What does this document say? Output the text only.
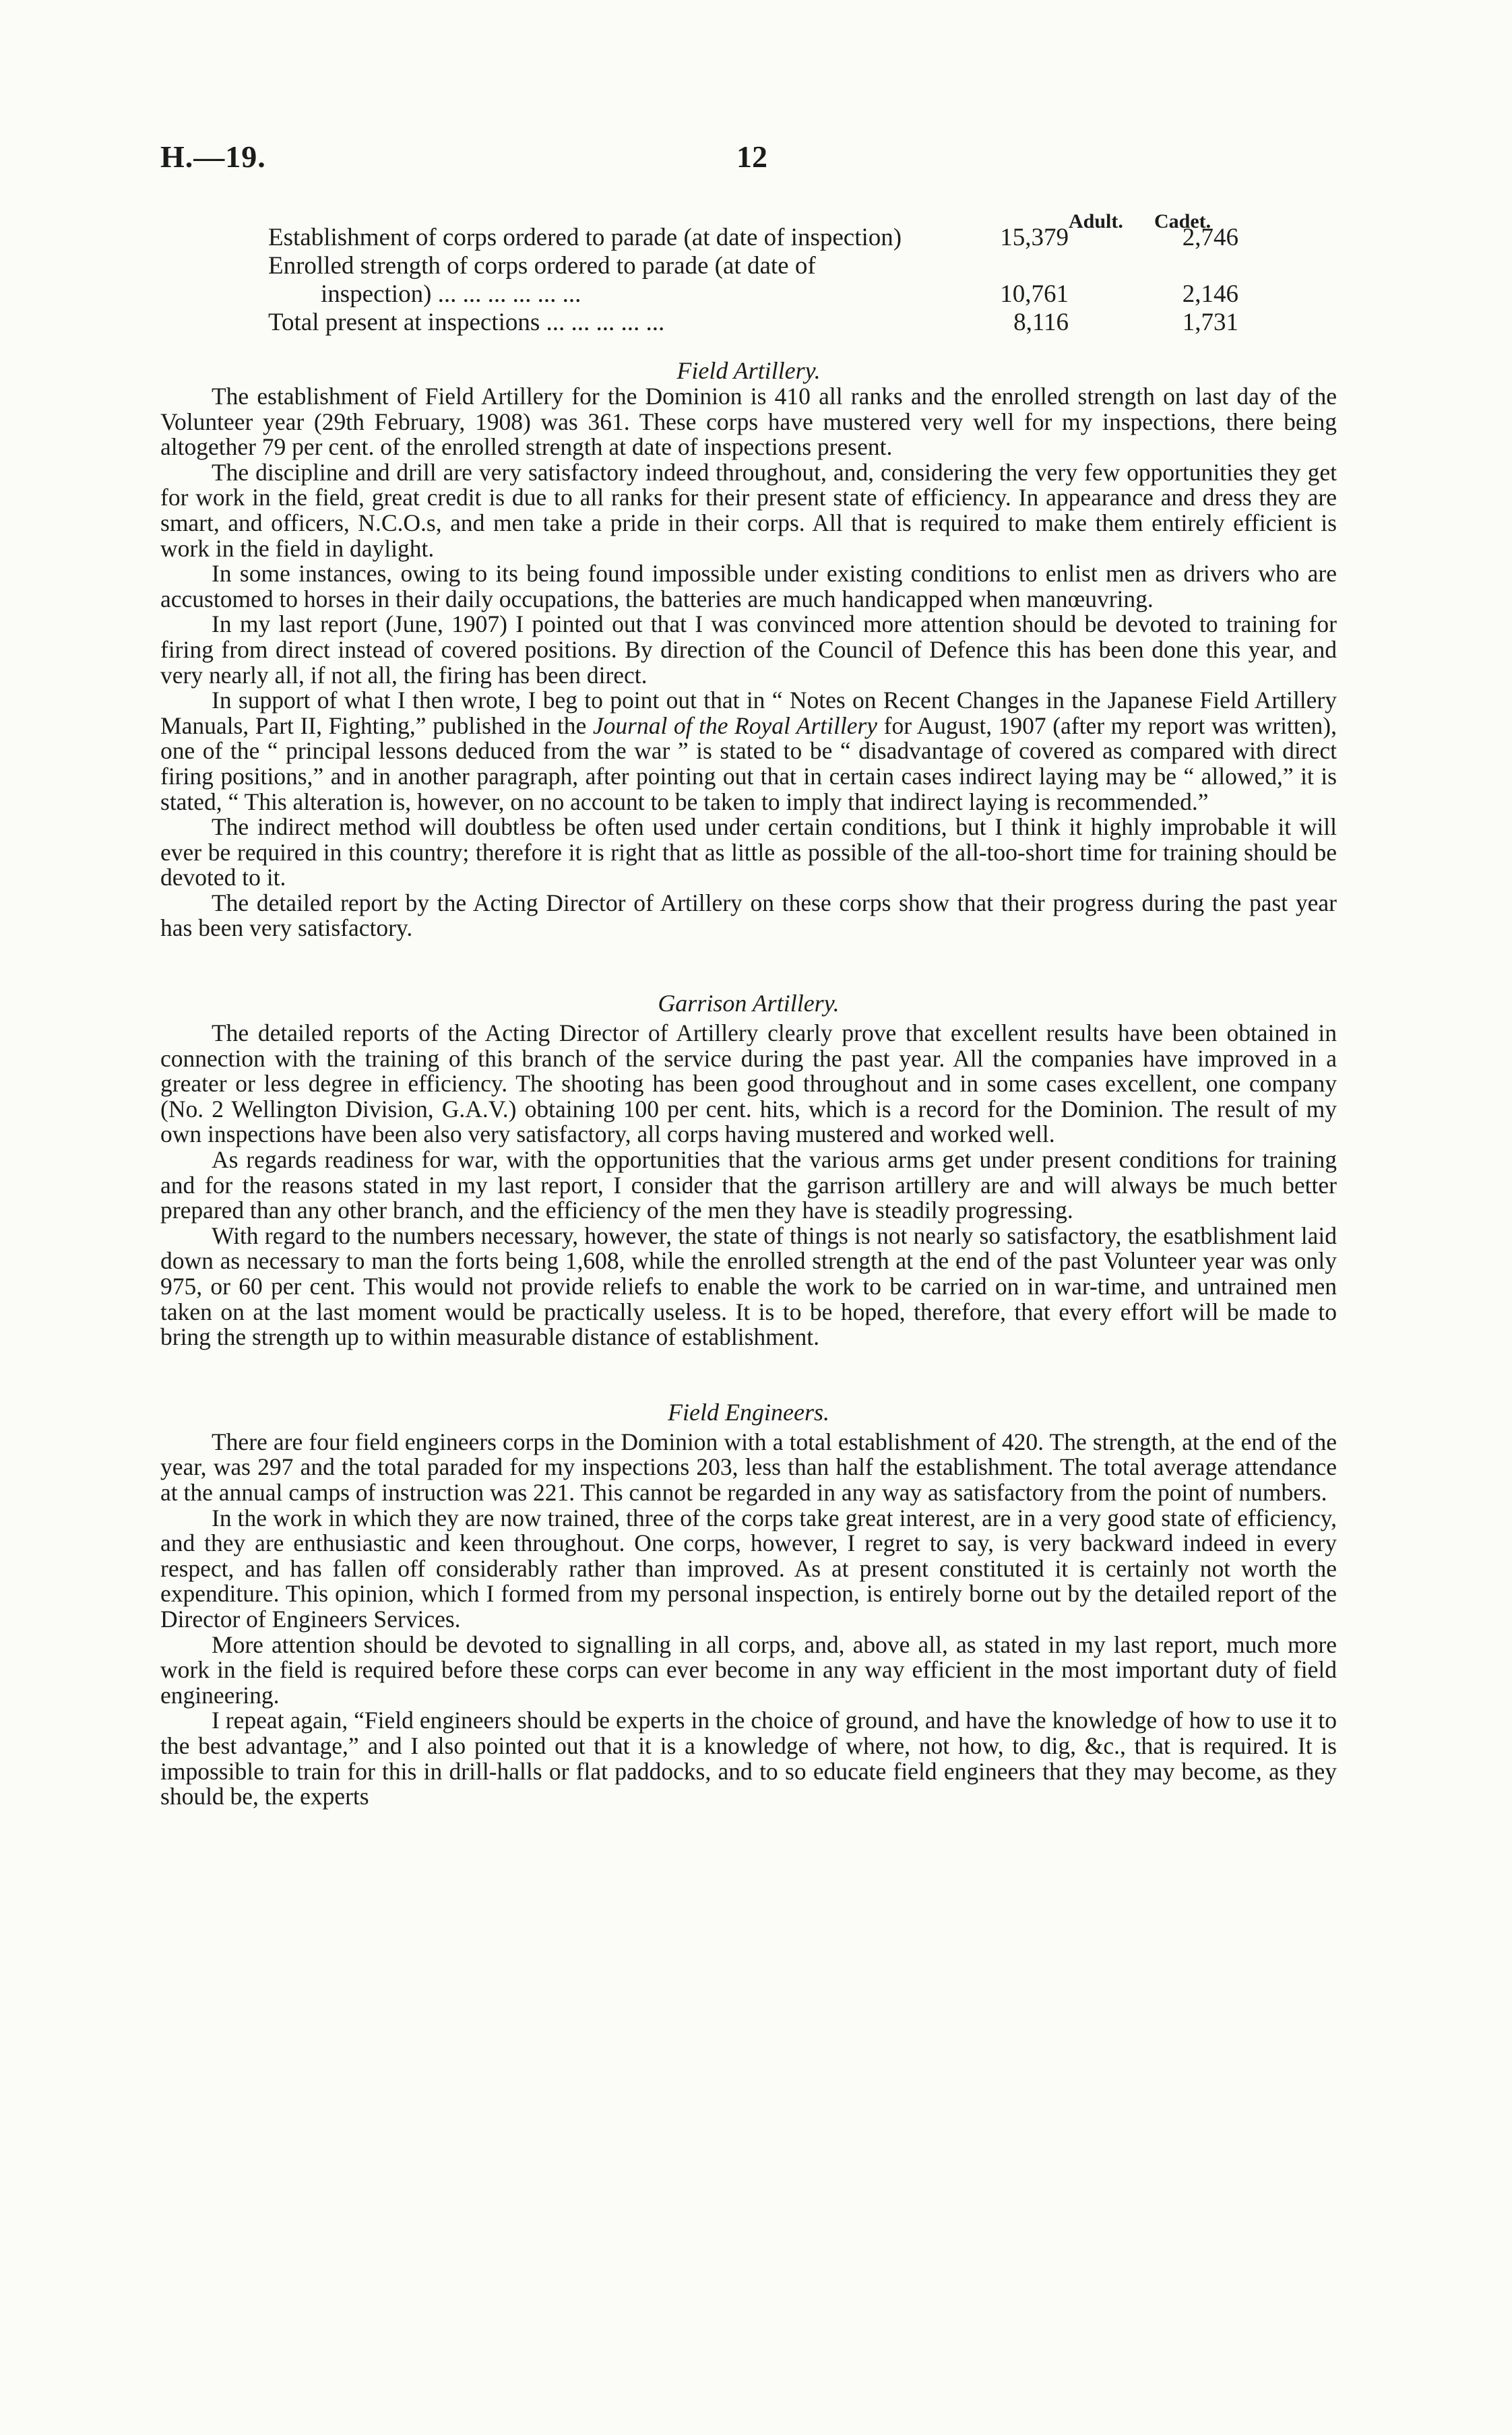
H.—19.	12
Adult. Cadet.
Establishment of corps ordered to parade (at date of inspection)	15,379	2,746
Enrolled strength of corps ordered to parade (at date of
inspection) ... ... ... ... ... ...	10,761	2,146
Total present at inspections ... ... ... ... ...	8,116	1,731
Field Artillery.

The establishment of Field Artillery for the Dominion is 410 all ranks and the enrolled strength on last day of the Volunteer year (29th February, 1908) was 361. These corps have mustered very well for my inspections, there being altogether 79 per cent. of the enrolled strength at date of inspections present.

The discipline and drill are very satisfactory indeed throughout, and, considering the very few opportunities they get for work in the field, great credit is due to all ranks for their present state of efficiency. In appearance and dress they are smart, and officers, N.C.O.s, and men take a pride in their corps. All that is required to make them entirely efficient is work in the field in daylight.

In some instances, owing to its being found impossible under existing conditions to enlist men as drivers who are accustomed to horses in their daily occupations, the batteries are much handicapped when manœuvring.

In my last report (June, 1907) I pointed out that I was convinced more attention should be devoted to training for firing from direct instead of covered positions. By direction of the Council of Defence this has been done this year, and very nearly all, if not all, the firing has been direct.

In support of what I then wrote, I beg to point out that in “ Notes on Recent Changes in the Japanese Field Artillery Manuals, Part II, Fighting,” published in the Journal of the Royal Artillery for August, 1907 (after my report was written), one of the “ principal lessons deduced from the war ” is stated to be “ disadvantage of covered as compared with direct firing positions,” and in another paragraph, after pointing out that in certain cases indirect laying may be “ allowed,” it is stated, “ This alteration is, however, on no account to be taken to imply that indirect laying is recommended.”

The indirect method will doubtless be often used under certain conditions, but I think it highly improbable it will ever be required in this country; therefore it is right that as little as possible of the all-too-short time for training should be devoted to it.

The detailed report by the Acting Director of Artillery on these corps show that their progress during the past year has been very satisfactory.

Garrison Artillery.

The detailed reports of the Acting Director of Artillery clearly prove that excellent results have been obtained in connection with the training of this branch of the service during the past year. All the companies have improved in a greater or less degree in efficiency. The shooting has been good throughout and in some cases excellent, one company (No. 2 Wellington Division, G.A.V.) obtaining 100 per cent. hits, which is a record for the Dominion. The result of my own inspections have been also very satisfactory, all corps having mustered and worked well.

As regards readiness for war, with the opportunities that the various arms get under present conditions for training and for the reasons stated in my last report, I consider that the garrison artillery are and will always be much better prepared than any other branch, and the efficiency of the men they have is steadily progressing.

With regard to the numbers necessary, however, the state of things is not nearly so satisfactory, the esatblishment laid down as necessary to man the forts being 1,608, while the enrolled strength at the end of the past Volunteer year was only 975, or 60 per cent. This would not provide reliefs to enable the work to be carried on in war-time, and untrained men taken on at the last moment would be practically useless. It is to be hoped, therefore, that every effort will be made to bring the strength up to within measurable distance of establishment.

Field Engineers.

There are four field engineers corps in the Dominion with a total establishment of 420. The strength, at the end of the year, was 297 and the total paraded for my inspections 203, less than half the establishment. The total average attendance at the annual camps of instruction was 221. This cannot be regarded in any way as satisfactory from the point of numbers.

In the work in which they are now trained, three of the corps take great interest, are in a very good state of efficiency, and they are enthusiastic and keen throughout. One corps, however, I regret to say, is very backward indeed in every respect, and has fallen off considerably rather than improved. As at present constituted it is certainly not worth the expenditure. This opinion, which I formed from my personal inspection, is entirely borne out by the detailed report of the Director of Engineers Services.

More attention should be devoted to signalling in all corps, and, above all, as stated in my last report, much more work in the field is required before these corps can ever become in any way efficient in the most important duty of field engineering.

I repeat again, “Field engineers should be experts in the choice of ground, and have the knowledge of how to use it to the best advantage,” and I also pointed out that it is a knowledge of where, not how, to dig, &c., that is required. It is impossible to train for this in drill-halls or flat paddocks, and to so educate field engineers that they may become, as they should be, the experts
